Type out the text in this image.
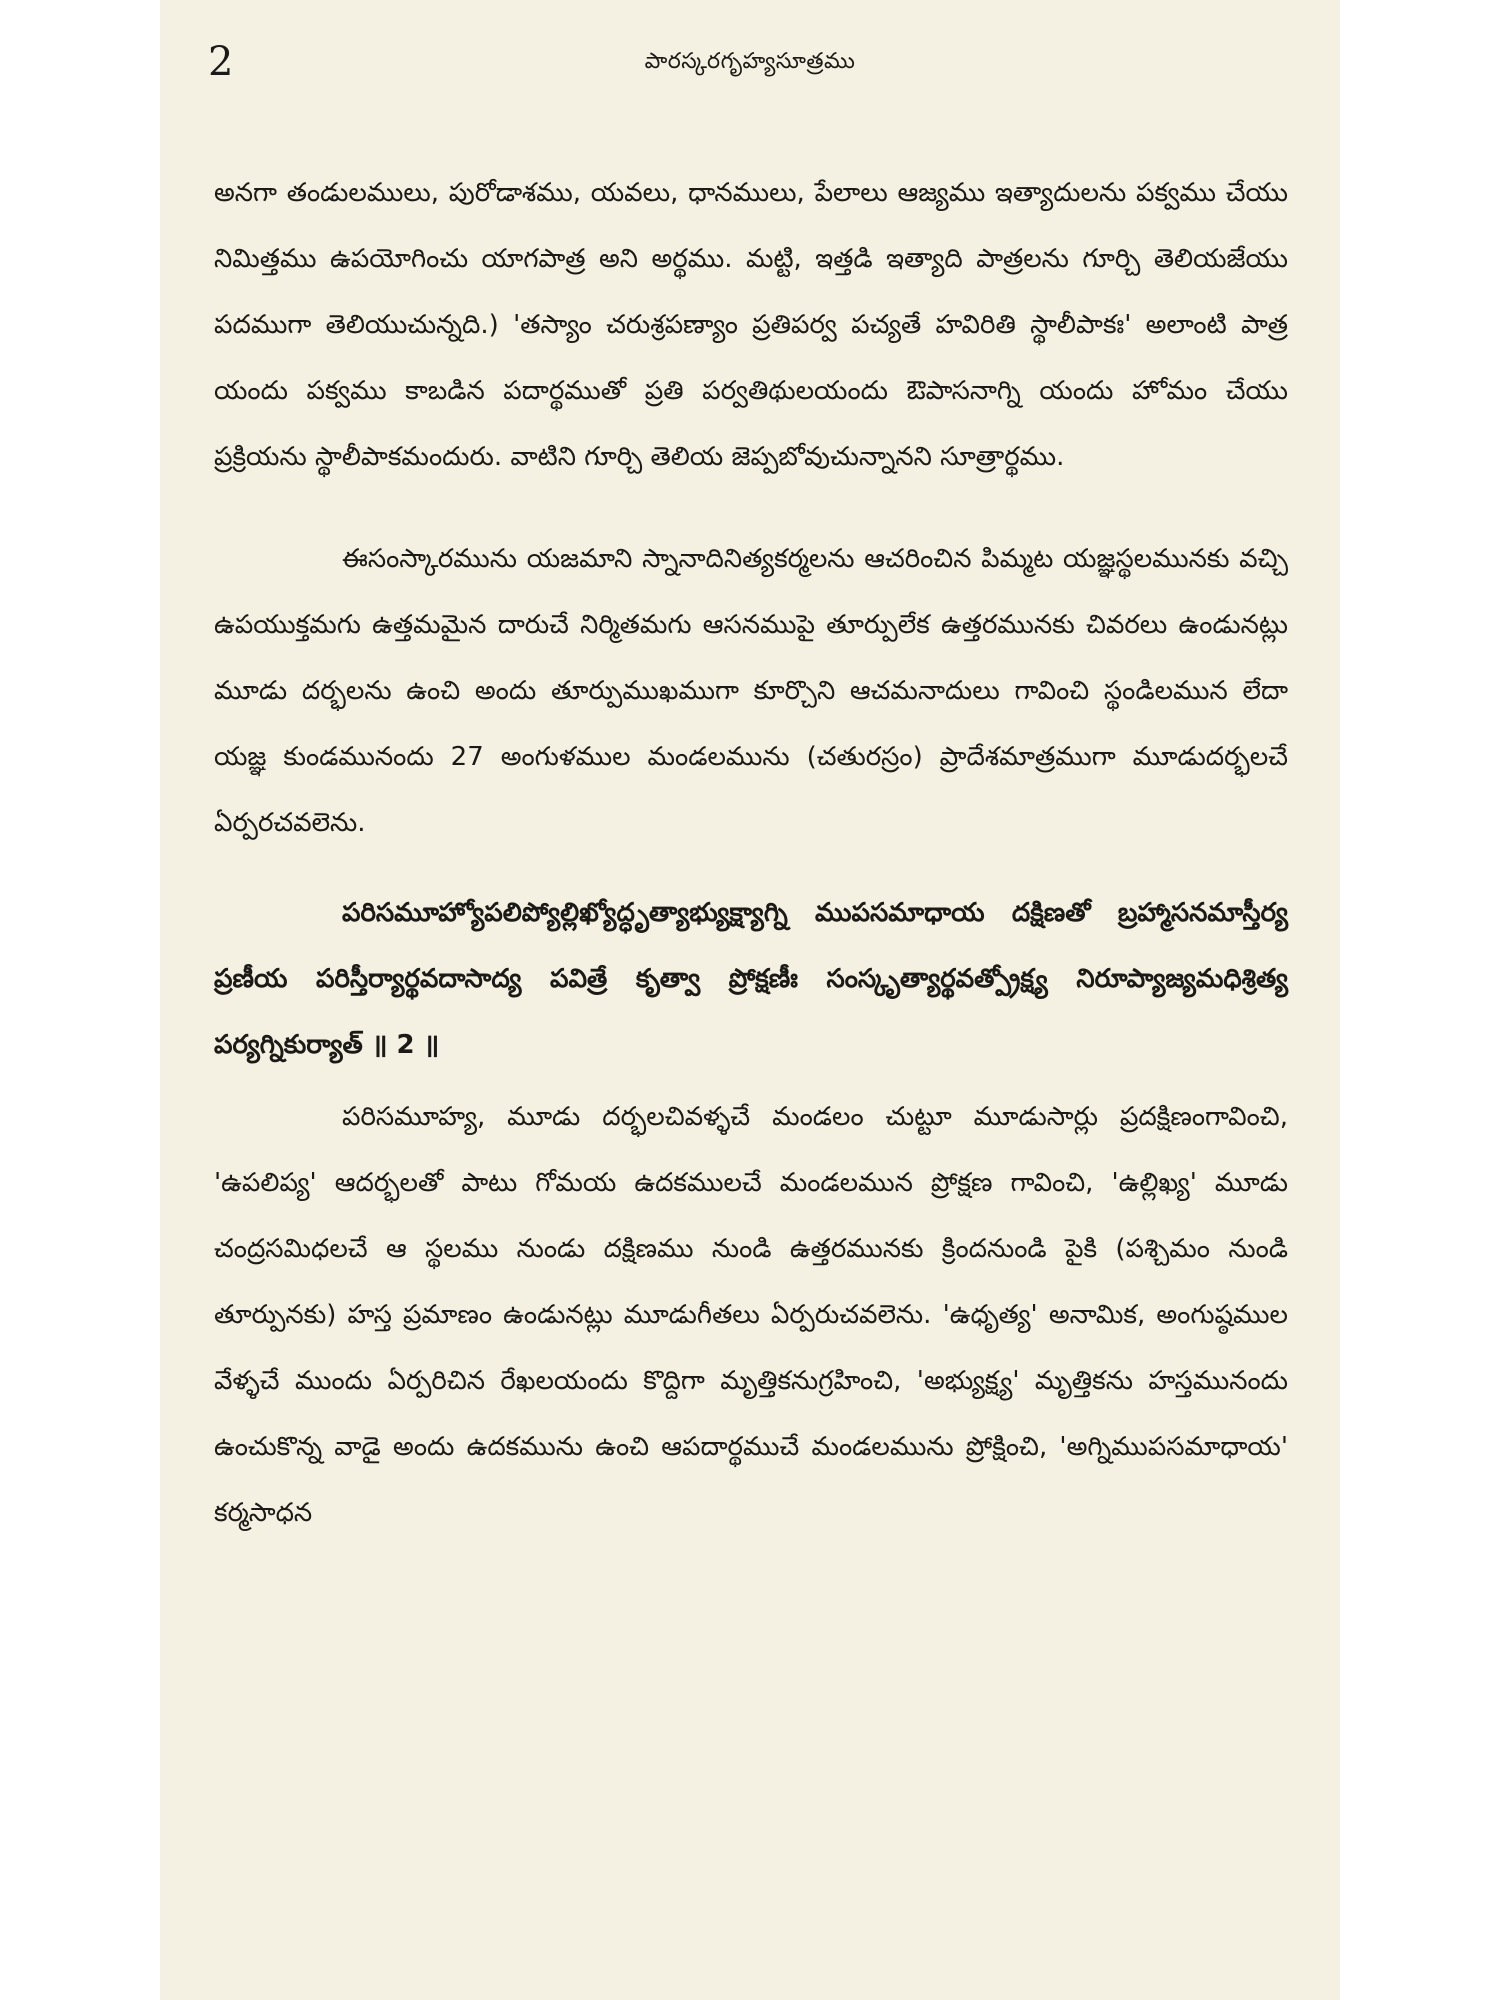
2	పారస్కరగృహ్యసూత్రము

అనగా తండులములు, పురోడాశము, యవలు, ధానములు, పేలాలు ఆజ్యము ఇత్యాదులను పక్వము చేయు నిమిత్తము ఉపయోగించు యాగపాత్ర అని అర్థము. మట్టి, ఇత్తడి ఇత్యాది పాత్రలను గూర్చి తెలియజేయు పదముగా తెలియుచున్నది.) 'తస్యాం చరుశ్రపణ్యాం ప్రతిపర్వ పచ్యతే హవిరితి స్థాలీపాకః' అలాంటి పాత్ర యందు పక్వము కాబడిన పదార్థముతో ప్రతి పర్వతిథులయందు ఔపాసనాగ్ని యందు హోమం చేయు ప్రక్రియను స్థాలీపాకమందురు. వాటిని గూర్చి తెలియ జెప్పబోవుచున్నానని సూత్రార్థము.

ఈసంస్కారమును యజమాని స్నానాదినిత్యకర్మలను ఆచరించిన పిమ్మట యజ్ఞస్థలమునకు వచ్చి ఉపయుక్తమగు ఉత్తమమైన దారుచే నిర్మితమగు ఆసనముపై తూర్పులేక ఉత్తరమునకు చివరలు ఉండునట్లు మూడు దర్భలను ఉంచి అందు తూర్పుముఖముగా కూర్చొని ఆచమనాదులు గావించి స్థండిలమున లేదా యజ్ఞ కుండమునందు 27 అంగుళముల మండలమును (చతురస్రం) ప్రాదేశమాత్రముగా మూడుదర్భలచే ఏర్పరచవలెను.

పరిసమూహ్యోపలిప్యోల్లిఖ్యోద్ధృత్యాభ్యుక్ష్యాగ్ని ముపసమాధాయ దక్షిణతో బ్రహ్మాసనమాస్తీర్య ప్రణీయ పరిస్తీర్యార్థవదాసాద్య పవిత్రే కృత్వా ప్రోక్షణీః సంస్కృత్యార్థవత్ప్రోక్ష్య నిరూప్యాజ్యమధిశ్రిత్య పర్యగ్నికుర్యాత్ ॥ 2 ॥

పరిసమూహ్య, మూడు దర్భలచివళ్ళచే మండలం చుట్టూ మూడుసార్లు ప్రదక్షిణంగావించి, 'ఉపలిప్య' ఆదర్భలతో పాటు గోమయ ఉదకములచే మండలమున ప్రోక్షణ గావించి, 'ఉల్లిఖ్య' మూడు చంద్రసమిధలచే ఆ స్థలము నుండు దక్షిణము నుండి ఉత్తరమునకు క్రిందనుండి పైకి (పశ్చిమం నుండి తూర్పునకు) హస్త ప్రమాణం ఉండునట్లు మూడుగీతలు ఏర్పరుచవలెను. 'ఉధృత్య' అనామిక, అంగుష్ఠముల వేళ్ళచే ముందు ఏర్పరిచిన రేఖలయందు కొద్దిగా మృత్తికనుగ్రహించి, 'అభ్యుక్ష్య' మృత్తికను హస్తమునందు ఉంచుకొన్న వాడై అందు ఉదకమును ఉంచి ఆపదార్థముచే మండలమును ప్రోక్షించి, 'అగ్నిముపసమాధాయ' కర్మసాధన
